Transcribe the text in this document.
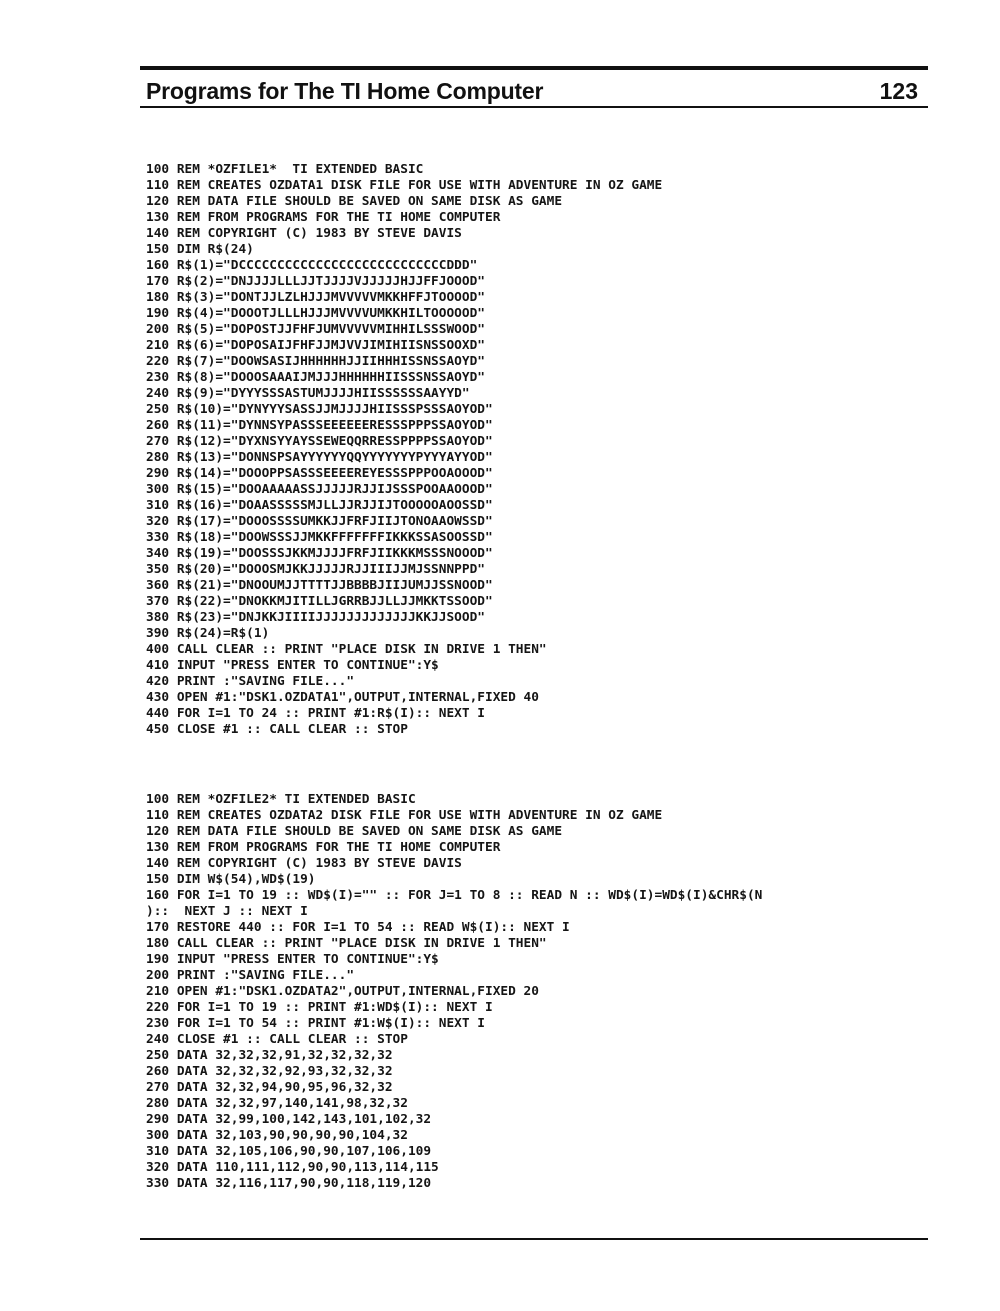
Programs for The TI Home Computer	123
100 REM *OZFILE1*  TI EXTENDED BASIC
110 REM CREATES OZDATA1 DISK FILE FOR USE WITH ADVENTURE IN OZ GAME
120 REM DATA FILE SHOULD BE SAVED ON SAME DISK AS GAME
130 REM FROM PROGRAMS FOR THE TI HOME COMPUTER
140 REM COPYRIGHT (C) 1983 BY STEVE DAVIS
150 DIM R$(24)
160 R$(1)="DCCCCCCCCCCCCCCCCCCCCCCCCCCCDDD"
170 R$(2)="DNJJJJLLLJJTJJJJVJJJJJHJJFFJOOOD"
180 R$(3)="DONTJJLZLHJJJMVVVVVMKKHFFJTOOOOD"
190 R$(4)="DOOOTJLLLHJJJMVVVVUMKKHILTOOOOOD"
200 R$(5)="DOPOSTJJFHFJUMVVVVVMIHHILSSSWOOD"
210 R$(6)="DOPOSAIJFHFJJMJVVJIMIHIISNSSOOXD"
220 R$(7)="DOOWSASIJHHHHHHJJIIHHHISSNSSAOYD"
230 R$(8)="DOOOSAAAIJMJJJHHHHHHIISSSNSSAOYD"
240 R$(9)="DYYYSSSASTUMJJJJHIISSSSSSAAYYD"
250 R$(10)="DYNYYYSASSJJMJJJJHIISSSPSSSAOYOD"
260 R$(11)="DYNNSYPASSSEEEEEERESSSPPPSSAOYOD"
270 R$(12)="DYXNSYYAYSSEWEQQRRESSPPPPSSAOYOD"
280 R$(13)="DONNSPSAYYYYYYQQYYYYYYYPYYYAYYOD"
290 R$(14)="DOOOPPSASSSEEEEREYESSSPPPOOAOOOD"
300 R$(15)="DOOAAAAASSJJJJJRJJIJSSSPOOAAOOOD"
310 R$(16)="DOAASSSSSMJLLJJRJJIJTOOOOOAOOSSD"
320 R$(17)="DOOOSSSSUMKKJJFRFJIIJTONOAAOWSSD"
330 R$(18)="DOOWSSSJJMKKFFFFFFFIKKKSSASOOSSD"
340 R$(19)="DOOSSSJKKMJJJJFRFJIIKKKMSSSNOOOD"
350 R$(20)="DOOOSMJKKJJJJJRJJIIIJJMJSSNNPPD"
360 R$(21)="DNOOUMJJTTTTJJBBBBJIIJUMJJSSNOOD"
370 R$(22)="DNOKKMJITILLJGRRBJJLLJJMKKTSSOOD"
380 R$(23)="DNJKKJIIIIJJJJJJJJJJJJJKKJJSOOD"
390 R$(24)=R$(1)
400 CALL CLEAR :: PRINT "PLACE DISK IN DRIVE 1 THEN"
410 INPUT "PRESS ENTER TO CONTINUE":Y$
420 PRINT :"SAVING FILE..."
430 OPEN #1:"DSK1.OZDATA1",OUTPUT,INTERNAL,FIXED 40
440 FOR I=1 TO 24 :: PRINT #1:R$(I):: NEXT I
450 CLOSE #1 :: CALL CLEAR :: STOP
100 REM *OZFILE2* TI EXTENDED BASIC
110 REM CREATES OZDATA2 DISK FILE FOR USE WITH ADVENTURE IN OZ GAME
120 REM DATA FILE SHOULD BE SAVED ON SAME DISK AS GAME
130 REM FROM PROGRAMS FOR THE TI HOME COMPUTER
140 REM COPYRIGHT (C) 1983 BY STEVE DAVIS
150 DIM W$(54),WD$(19)
160 FOR I=1 TO 19 :: WD$(I)="" :: FOR J=1 TO 8 :: READ N :: WD$(I)=WD$(I)&CHR$(N
)::  NEXT J :: NEXT I
170 RESTORE 440 :: FOR I=1 TO 54 :: READ W$(I):: NEXT I
180 CALL CLEAR :: PRINT "PLACE DISK IN DRIVE 1 THEN"
190 INPUT "PRESS ENTER TO CONTINUE":Y$
200 PRINT :"SAVING FILE..."
210 OPEN #1:"DSK1.OZDATA2",OUTPUT,INTERNAL,FIXED 20
220 FOR I=1 TO 19 :: PRINT #1:WD$(I):: NEXT I
230 FOR I=1 TO 54 :: PRINT #1:W$(I):: NEXT I
240 CLOSE #1 :: CALL CLEAR :: STOP
250 DATA 32,32,32,91,32,32,32,32
260 DATA 32,32,32,92,93,32,32,32
270 DATA 32,32,94,90,95,96,32,32
280 DATA 32,32,97,140,141,98,32,32
290 DATA 32,99,100,142,143,101,102,32
300 DATA 32,103,90,90,90,90,104,32
310 DATA 32,105,106,90,90,107,106,109
320 DATA 110,111,112,90,90,113,114,115
330 DATA 32,116,117,90,90,118,119,120
